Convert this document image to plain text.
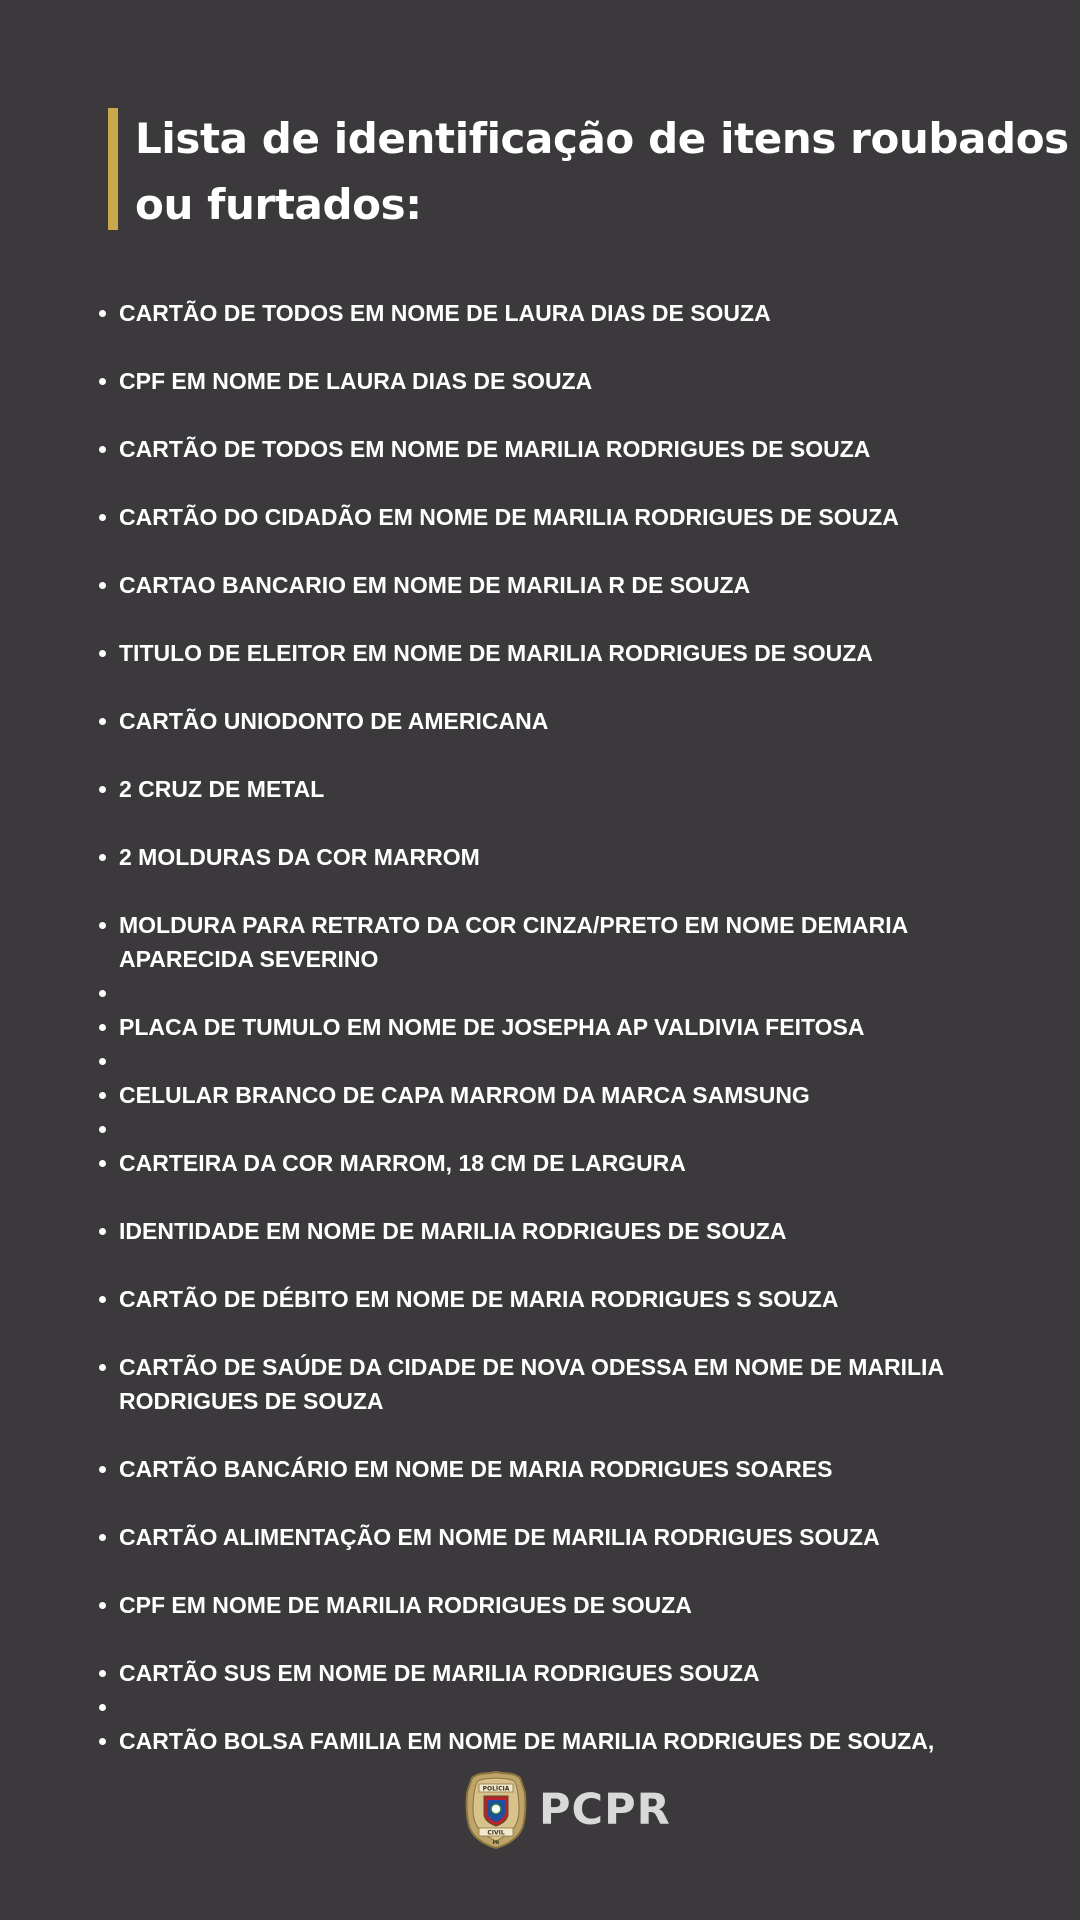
Lista de identificação de itens roubados
ou furtados:
CARTÃO DE TODOS EM NOME DE LAURA DIAS DE SOUZA
CPF EM NOME DE LAURA DIAS DE SOUZA
CARTÃO DE TODOS EM NOME DE MARILIA RODRIGUES DE SOUZA
CARTÃO DO CIDADÃO EM NOME DE MARILIA RODRIGUES DE SOUZA
CARTAO BANCARIO EM NOME DE MARILIA R DE SOUZA
TITULO DE ELEITOR EM NOME DE MARILIA RODRIGUES DE SOUZA
CARTÃO UNIODONTO DE AMERICANA
2 CRUZ DE METAL
2 MOLDURAS DA COR MARROM
MOLDURA PARA RETRATO DA COR CINZA/PRETO EM NOME DEMARIA APARECIDA SEVERINO
PLACA DE TUMULO EM NOME DE JOSEPHA AP VALDIVIA FEITOSA
CELULAR BRANCO DE CAPA MARROM DA MARCA SAMSUNG
CARTEIRA DA COR MARROM, 18 CM DE LARGURA
IDENTIDADE EM NOME DE MARILIA RODRIGUES DE SOUZA
CARTÃO DE DÉBITO EM NOME DE MARIA RODRIGUES S SOUZA
CARTÃO DE SAÚDE DA CIDADE DE NOVA ODESSA EM NOME DE MARILIA RODRIGUES DE SOUZA
CARTÃO BANCÁRIO EM NOME DE MARIA RODRIGUES SOARES
CARTÃO ALIMENTAÇÃO EM NOME DE MARILIA RODRIGUES SOUZA
CPF EM NOME DE MARILIA RODRIGUES DE SOUZA
CARTÃO SUS EM NOME DE MARILIA RODRIGUES SOUZA
CARTÃO BOLSA FAMILIA EM NOME DE MARILIA RODRIGUES DE SOUZA,
POLÍCIA
CIVIL
PR
PCPR
